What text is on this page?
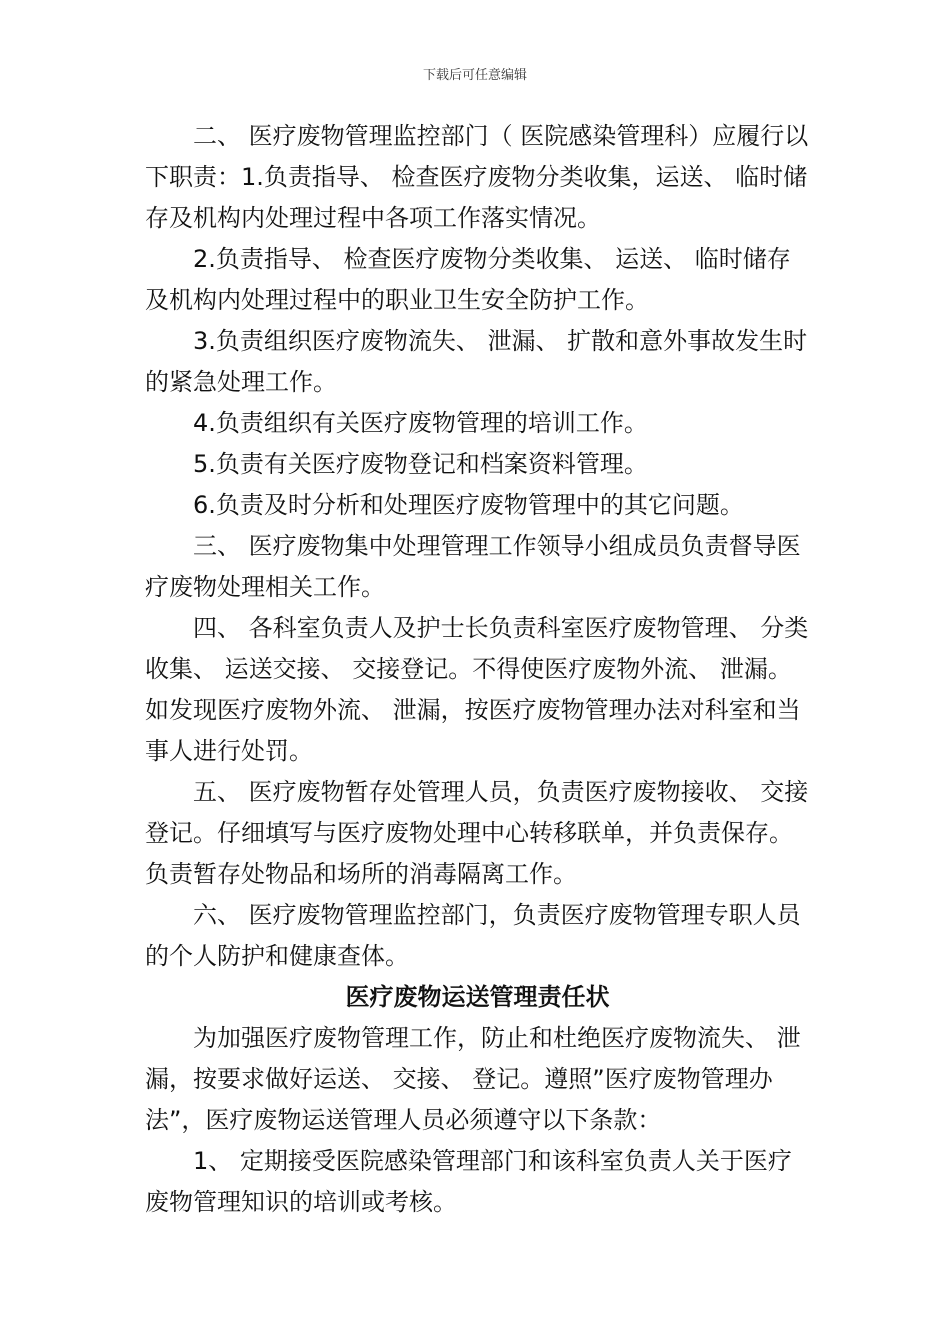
下载后可任意编辑

二、 医疗废物管理监控部门（ 医院感染管理科）应履行以下职责：1.负责指导、 检查医疗废物分类收集，运送、 临时储存及机构内处理过程中各项工作落实情况。

2.负责指导、 检查医疗废物分类收集、 运送、 临时储存及机构内处理过程中的职业卫生安全防护工作。

3.负责组织医疗废物流失、 泄漏、 扩散和意外事故发生时的紧急处理工作。

4.负责组织有关医疗废物管理的培训工作。

5.负责有关医疗废物登记和档案资料管理。

6.负责及时分析和处理医疗废物管理中的其它问题。

三、 医疗废物集中处理管理工作领导小组成员负责督导医疗废物处理相关工作。

四、 各科室负责人及护士长负责科室医疗废物管理、 分类收集、 运送交接、 交接登记。不得使医疗废物外流、 泄漏。如发现医疗废物外流、 泄漏，按医疗废物管理办法对科室和当事人进行处罚。

五、 医疗废物暂存处管理人员，负责医疗废物接收、 交接登记。仔细填写与医疗废物处理中心转移联单，并负责保存。负责暂存处物品和场所的消毒隔离工作。

六、 医疗废物管理监控部门，负责医疗废物管理专职人员的个人防护和健康查体。

医疗废物运送管理责任状

为加强医疗废物管理工作，防止和杜绝医疗废物流失、 泄漏，按要求做好运送、 交接、 登记。遵照”医疗废物管理办法”，医疗废物运送管理人员必须遵守以下条款：

1、 定期接受医院感染管理部门和该科室负责人关于医疗废物管理知识的培训或考核。
